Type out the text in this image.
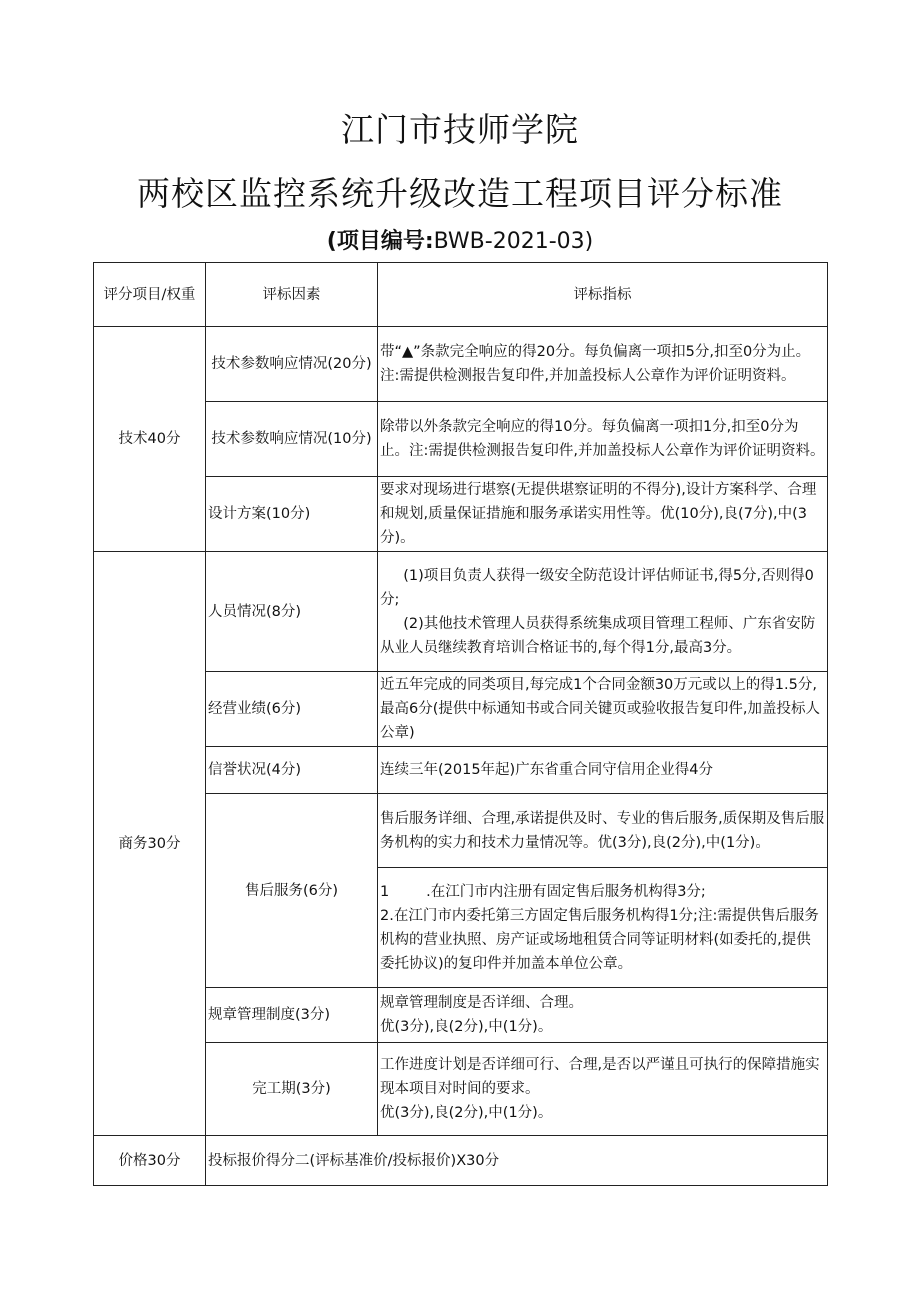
江门市技师学院
两校区监控系统升级改造工程项目评分标准
(项目编号:BWB-2021-03)
评分项目/权重	评标因素	评标指标
技术40分	技术参数响应情况(20分)	带“▲”条款完全响应的得20分。每负偏离一项扣5分,扣至0分为止。注:需提供检测报告复印件,并加盖投标人公章作为评价证明资料。
	技术参数响应情况(10分)	除带以外条款完全响应的得10分。每负偏离一项扣1分,扣至0分为止。注:需提供检测报告复印件,并加盖投标人公章作为评价证明资料。
	设计方案(10分)	要求对现场进行堪察(无提供堪察证明的不得分),设计方案科学、合理和规划,质量保证措施和服务承诺实用性等。优(10分),良(7分),中(3分)。
商务30分	人员情况(8分)	(1)项目负责人获得一级安全防范设计评估师证书,得5分,否则得0分;
(2)其他技术管理人员获得系统集成项目管理工程师、广东省安防从业人员继续教育培训合格证书的,每个得1分,最高3分。

	经营业绩(6分)	近五年完成的同类项目,每完成1个合同金额30万元或以上的得1.5分,最高6分(提供中标通知书或合同关键页或验收报告复印件,加盖投标人公章)
	信誉状况(4分)	连续三年(2015年起)广东省重合同守信用企业得4分
	售后服务(6分)	售后服务详细、合理,承诺提供及时、专业的售后服务,质保期及售后服务机构的实力和技术力量情况等。优(3分),良(2分),中(1分)。

		1        .在江门市内注册有固定售后服务机构得3分;
2.在江门市内委托第三方固定售后服务机构得1分;注:需提供售后服务机构的营业执照、房产证或场地租赁合同等证明材料(如委托的,提供委托协议)的复印件并加盖本单位公章。

	规章管理制度(3分)	规章管理制度是否详细、合理。
优(3分),良(2分),中(1分)。

	完工期(3分)	工作进度计划是否详细可行、合理,是否以严谨且可执行的保障措施实现本项目对时间的要求。
优(3分),良(2分),中(1分)。

价格30分	投标报价得分二(评标基准价/投标报价)X30分	
